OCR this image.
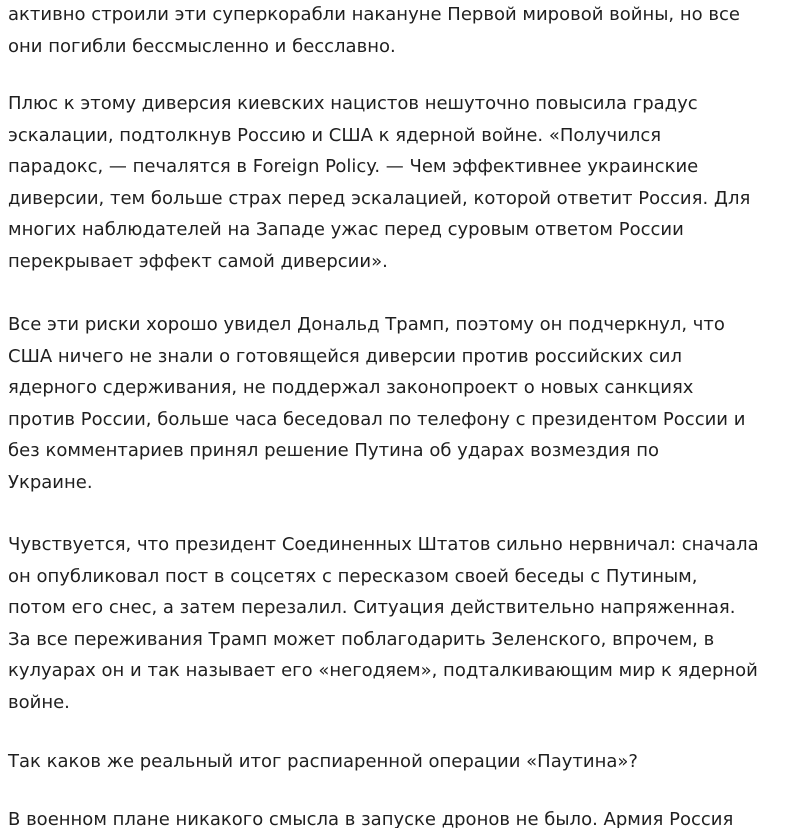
активно строили эти суперкорабли накануне Первой мировой войны, но все
они погибли бессмысленно и бесславно.

Плюс к этому диверсия киевских нацистов нешуточно повысила градус
эскалации, подтолкнув Россию и США к ядерной войне. «Получился
парадокс, — печалятся в Foreign Policy. — Чем эффективнее украинские
диверсии, тем больше страх перед эскалацией, которой ответит Россия. Для
многих наблюдателей на Западе ужас перед суровым ответом России
перекрывает эффект самой диверсии».

Все эти риски хорошо увидел Дональд Трамп, поэтому он подчеркнул, что
США ничего не знали о готовящейся диверсии против российских сил
ядерного сдерживания, не поддержал законопроект о новых санкциях
против России, больше часа беседовал по телефону с президентом России и
без комментариев принял решение Путина об ударах возмездия по
Украине.

Чувствуется, что президент Соединенных Штатов сильно нервничал: сначала
он опубликовал пост в соцсетях с пересказом своей беседы с Путиным,
потом его снес, а затем перезалил. Ситуация действительно напряженная.
За все переживания Трамп может поблагодарить Зеленского, впрочем, в
кулуарах он и так называет его «негодяем», подталкивающим мир к ядерной
войне.

Так каков же реальный итог распиаренной операции «Паутина»?

В военном плане никакого смысла в запуске дронов не было. Армия Россия
